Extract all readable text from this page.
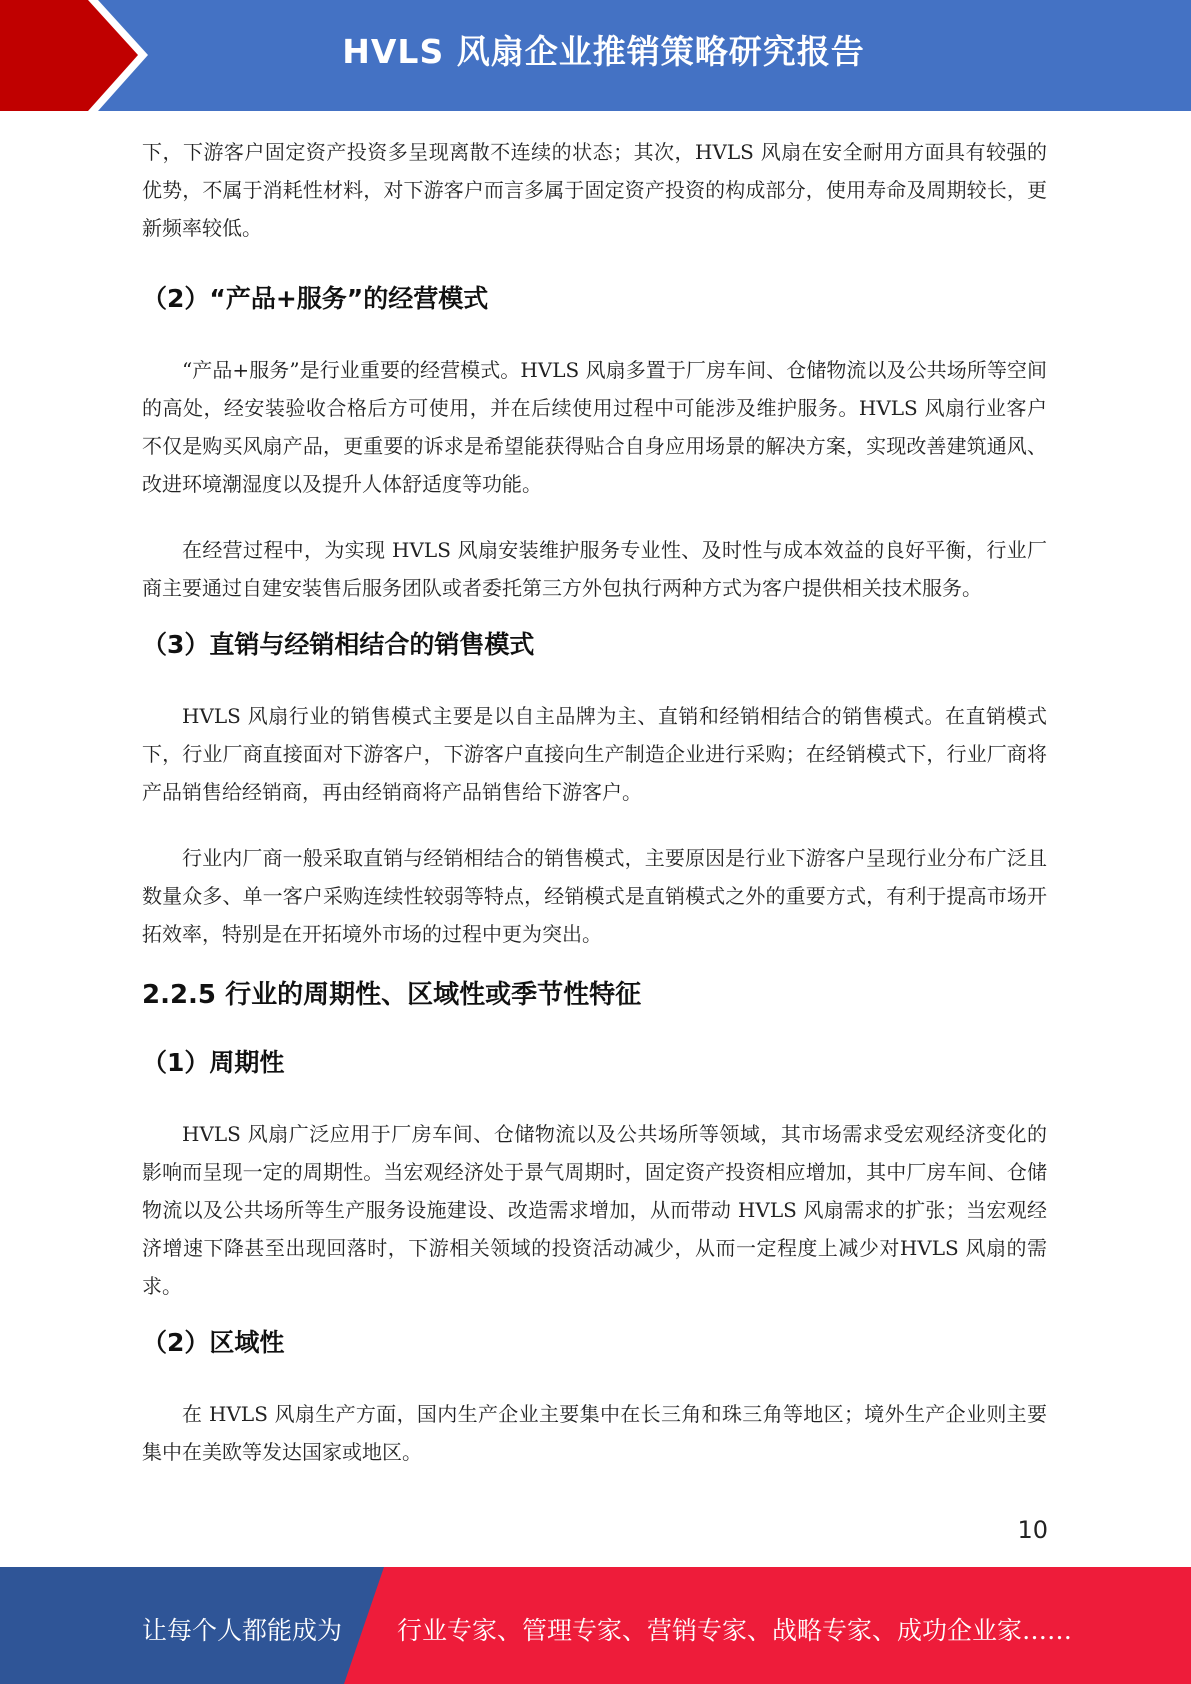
HVLS 风扇企业推销策略研究报告

下，下游客户固定资产投资多呈现离散不连续的状态；其次，HVLS 风扇在安全耐用方面具有较强的优势，不属于消耗性材料，对下游客户而言多属于固定资产投资的构成部分，使用寿命及周期较长，更新频率较低。

（2）“产品+服务”的经营模式

“产品+服务”是行业重要的经营模式。HVLS 风扇多置于厂房车间、仓储物流以及公共场所等空间的高处，经安装验收合格后方可使用，并在后续使用过程中可能涉及维护服务。HVLS 风扇行业客户不仅是购买风扇产品，更重要的诉求是希望能获得贴合自身应用场景的解决方案，实现改善建筑通风、改进环境潮湿度以及提升人体舒适度等功能。

在经营过程中，为实现 HVLS 风扇安装维护服务专业性、及时性与成本效益的良好平衡，行业厂商主要通过自建安装售后服务团队或者委托第三方外包执行两种方式为客户提供相关技术服务。

（3）直销与经销相结合的销售模式

HVLS 风扇行业的销售模式主要是以自主品牌为主、直销和经销相结合的销售模式。在直销模式下，行业厂商直接面对下游客户，下游客户直接向生产制造企业进行采购；在经销模式下，行业厂商将产品销售给经销商，再由经销商将产品销售给下游客户。

行业内厂商一般采取直销与经销相结合的销售模式，主要原因是行业下游客户呈现行业分布广泛且数量众多、单一客户采购连续性较弱等特点，经销模式是直销模式之外的重要方式，有利于提高市场开拓效率，特别是在开拓境外市场的过程中更为突出。

2.2.5 行业的周期性、区域性或季节性特征
（1）周期性

HVLS 风扇广泛应用于厂房车间、仓储物流以及公共场所等领域，其市场需求受宏观经济变化的影响而呈现一定的周期性。当宏观经济处于景气周期时，固定资产投资相应增加，其中厂房车间、仓储物流以及公共场所等生产服务设施建设、改造需求增加，从而带动 HVLS 风扇需求的扩张；当宏观经济增速下降甚至出现回落时，下游相关领域的投资活动减少，从而一定程度上减少对HVLS 风扇的需求。

（2）区域性

在 HVLS 风扇生产方面，国内生产企业主要集中在长三角和珠三角等地区；境外生产企业则主要集中在美欧等发达国家或地区。

10
让每个人都能成为 行业专家、管理专家、营销专家、战略专家、成功企业家……
